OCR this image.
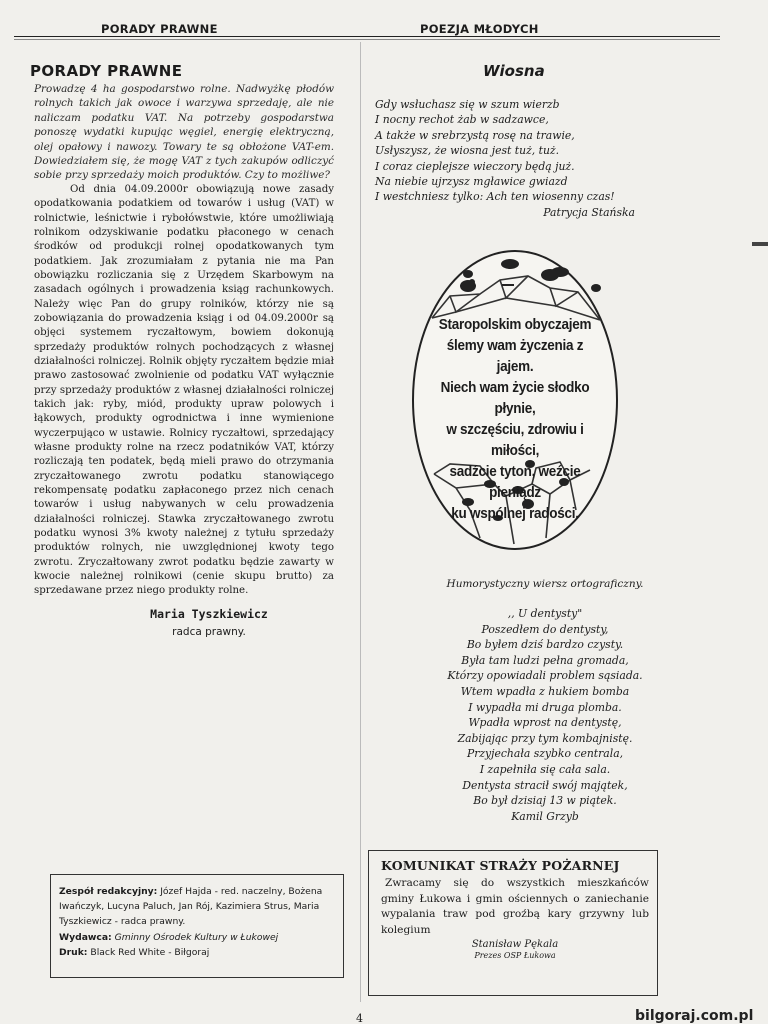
PORADY PRAWNE	POEZJA MŁODYCH
PORADY PRAWNE

Prowadzę 4 ha gospodarstwo rolne. Nadwyżkę płodów rolnych takich jak owoce i warzywa sprzedaję, ale nie naliczam podatku VAT. Na potrzeby gospodarstwa ponoszę wydatki kupując węgiel, energię elektryczną, olej opałowy i nawozy. Towary te są obłożone VAT-em. Dowiedziałem się, że mogę VAT z tych zakupów odliczyć sobie przy sprzedaży moich produktów. Czy to możliwe?

Od dnia 04.09.2000r obowiązują nowe zasady opodatkowania podatkiem od towarów i usług (VAT) w rolnictwie, leśnictwie i rybołówstwie, które umożliwiają rolnikom odzyskiwanie podatku płaconego w cenach środków od produkcji rolnej opodatkowanych tym podatkiem. Jak zrozumiałam z pytania nie ma Pan obowiązku rozliczania się z Urzędem Skarbowym na zasadach ogólnych i prowadzenia ksiąg rachunkowych. Należy więc Pan do grupy rolników, którzy nie są zobowiązania do prowadzenia ksiąg i od 04.09.2000r są objęci systemem ryczałtowym, bowiem dokonują sprzedaży produktów rolnych pochodzących z własnej działalności rolniczej. Rolnik objęty ryczałtem będzie miał prawo zastosować zwolnienie od podatku VAT wyłącznie przy sprzedaży produktów z własnej działalności rolniczej takich jak: ryby, miód, produkty upraw polowych i łąkowych, produkty ogrodnictwa i inne wymienione wyczerpująco w ustawie. Rolnicy ryczałtowi, sprzedający własne produkty rolne na rzecz podatników VAT, którzy rozliczają ten podatek, będą mieli prawo do otrzymania zryczałtowanego zwrotu podatku stanowiącego rekompensatę podatku zapłaconego przez nich cenach towarów i usług nabywanych w celu prowadzenia działalności rolniczej. Stawka zryczałtowanego zwrotu podatku wynosi 3% kwoty należnej z tytułu sprzedaży produktów rolnych, nie uwzględnionej kwoty tego zwrotu. Zryczałtowany zwrot podatku będzie zawarty w kwocie należnej rolnikowi (cenie skupu brutto) za sprzedawane przez niego produkty rolne.

Maria Tyszkiewicz
radca prawny.
Zespół redakcyjny: Józef Hajda - red. naczelny, Bożena Iwańczyk, Lucyna Paluch, Jan Rój, Kazimiera Strus, Maria Tyszkiewicz - radca prawny.
Wydawca: Gminny Ośrodek Kultury w Łukowej
Druk: Black Red White - Biłgoraj
Wiosna
Gdy wsłuchasz się w szum wierzb
I nocny rechot żab w sadzawce,
A także w srebrzystą rosę na trawie,
Usłyszysz, że wiosna jest tuż, tuż.
I coraz cieplejsze wieczory będą już.
Na niebie ujrzysz mgławice gwiazd
I westchniesz tylko: Ach ten wiosenny czas!
Patrycja Stańska
Staropolskim obyczajem
ślemy wam życzenia z jajem.
Niech wam życie słodko płynie,
w szczęściu, zdrowiu i miłości,
sadźcie tytoń, weźcie pieniądz
ku wspólnej radości.
Humorystyczny wiersz ortograficzny.
,, U dentysty"
Poszedłem do dentysty,
Bo byłem dziś bardzo czysty.
Była tam ludzi pełna gromada,
Którzy opowiadali problem sąsiada.
Wtem wpadła z hukiem bomba
I wypadła mi druga plomba.
Wpadła wprost na dentystę,
Zabijając przy tym kombajnistę.
Przyjechała szybko centrala,
I zapełniła się cała sala.
Dentysta stracił swój majątek,
Bo był dzisiaj 13 w piątek.
Kamil Grzyb
KOMUNIKAT STRAŻY POŻARNEJ
Zwracamy się do wszystkich mieszkańców gminy Łukowa i gmin ościennych o zaniechanie wypalania traw pod groźbą kary grzywny lub kolegium
Stanisław Pękala
Prezes OSP Łukowa
4	bilgoraj.com.pl
